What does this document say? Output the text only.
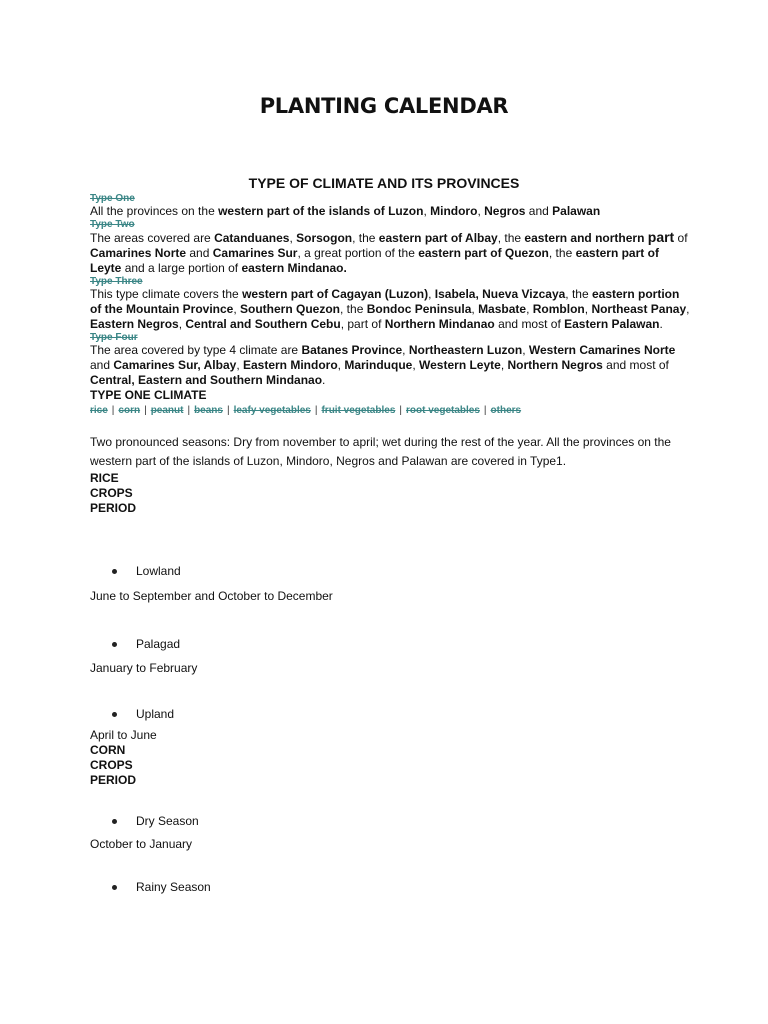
PLANTING CALENDAR
TYPE OF CLIMATE AND ITS PROVINCES
Type One
All the provinces on the western part of the islands of Luzon, Mindoro, Negros and Palawan
Type Two
The areas covered are Catanduanes, Sorsogon, the eastern part of Albay, the eastern and northern part of Camarines Norte and Camarines Sur, a great portion of the eastern part of Quezon, the eastern part of Leyte and a large portion of eastern Mindanao.
Type Three
This type climate covers the western part of Cagayan (Luzon), Isabela, Nueva Vizcaya, the eastern portion of the Mountain Province, Southern Quezon, the Bondoc Peninsula, Masbate, Romblon, Northeast Panay, Eastern Negros, Central and Southern Cebu, part of Northern Mindanao and most of Eastern Palawan.
Type Four
The area covered by type 4 climate are Batanes Province, Northeastern Luzon, Western Camarines Norte and Camarines Sur, Albay, Eastern Mindoro, Marinduque, Western Leyte, Northern Negros and most of Central, Eastern and Southern Mindanao.
TYPE ONE CLIMATE
rice | corn | peanut | beans | leafy vegetables | fruit vegetables | root vegetables | others
Two pronounced seasons: Dry from november to april; wet during the rest of the year. All the provinces on the western part of the islands of Luzon, Mindoro, Negros and Palawan are covered in Type1.
RICE
CROPS
PERIOD
Lowland
June to September and October to December
Palagad
January to February
Upland
April to June
CORN
CROPS
PERIOD
Dry Season
October to January
Rainy Season
